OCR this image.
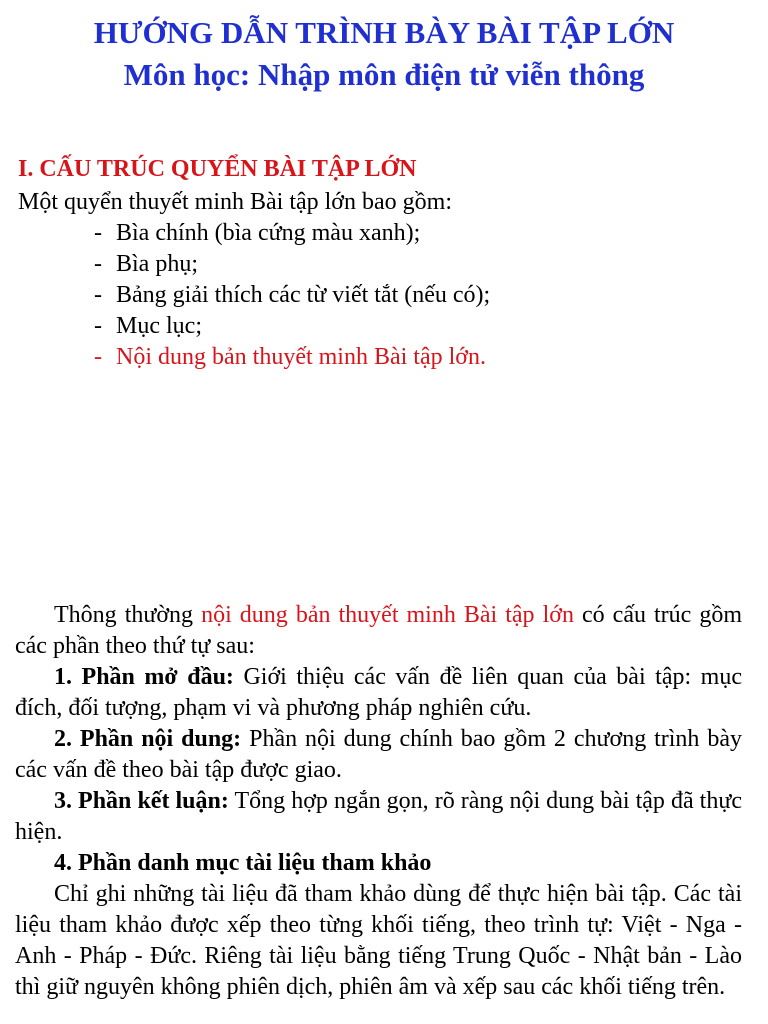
HƯỚNG DẪN TRÌNH BÀY BÀI TẬP LỚN
Môn học: Nhập môn điện tử viễn thông
I. CẤU TRÚC QUYỂN BÀI TẬP LỚN
Một quyển thuyết minh Bài tập lớn bao gồm:
- Bìa chính (bìa cứng màu xanh);
- Bìa phụ;
- Bảng giải thích các từ viết tắt (nếu có);
- Mục lục;
- Nội dung bản thuyết minh Bài tập lớn.

Thông thường nội dung bản thuyết minh Bài tập lớn có cấu trúc gồm các phần theo thứ tự sau:

1. Phần mở đầu: Giới thiệu các vấn đề liên quan của bài tập: mục đích, đối tượng, phạm vi và phương pháp nghiên cứu.

2. Phần nội dung: Phần nội dung chính bao gồm 2 chương trình bày các vấn đề theo bài tập được giao.

3. Phần kết luận: Tổng hợp ngắn gọn, rõ ràng nội dung bài tập đã thực hiện.

4. Phần danh mục tài liệu tham khảo

Chỉ ghi những tài liệu đã tham khảo dùng để thực hiện bài tập. Các tài liệu tham khảo được xếp theo từng khối tiếng, theo trình tự: Việt - Nga - Anh - Pháp - Đức. Riêng tài liệu bằng tiếng Trung Quốc - Nhật bản - Lào thì giữ nguyên không phiên dịch, phiên âm và xếp sau các khối tiếng trên.
